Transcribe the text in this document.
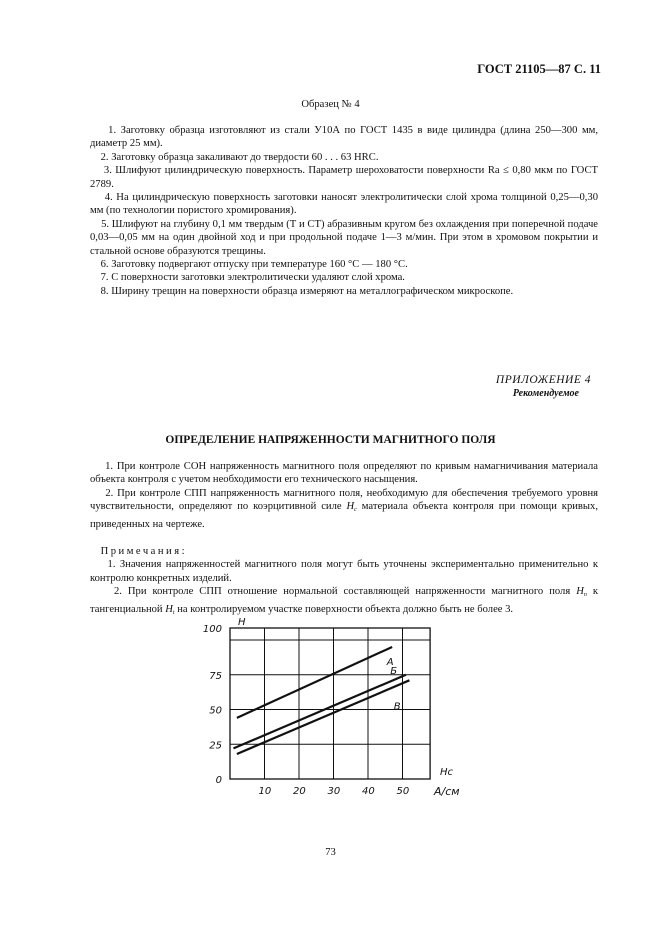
ГОСТ 21105—87 С. 11
Образец № 4

1. Заготовку образца изготовляют из стали У10А по ГОСТ 1435 в виде цилиндра (длина 250—300 мм, диаметр 25 мм).

2. Заготовку образца закаливают до твердости 60 . . . 63 HRC.

3. Шлифуют цилиндрическую поверхность. Параметр шероховатости поверхности Ra ≤ 0,80 мкм по ГОСТ 2789.

4. На цилиндрическую поверхность заготовки наносят электролитически слой хрома толщиной 0,25—0,30 мм (по технологии пористого хромирования).

5. Шлифуют на глубину 0,1 мм твердым (Т и СТ) абразивным кругом без охлаждения при поперечной подаче 0,03—0,05 мм на один двойной ход и при продольной подаче 1—3 м/мин. При этом в хромовом покрытии и стальной основе образуются трещины.

6. Заготовку подвергают отпуску при температуре 160 °С — 180 °С.

7. С поверхности заготовки электролитически удаляют слой хрома.

8. Ширину трещин на поверхности образца измеряют на металлографическом микроскопе.

ПРИЛОЖЕНИЕ 4
Рекомендуемое
ОПРЕДЕЛЕНИЕ НАПРЯЖЕННОСТИ МАГНИТНОГО ПОЛЯ

1. При контроле СОН напряженность магнитного поля определяют по кривым намагничивания материала объекта контроля с учетом необходимости его технического насыщения.

2. При контроле СПП напряженность магнитного поля, необходимую для обеспечения требуемого уровня чувствительности, определяют по коэрцитивной силе $H_c$ материала объекта контроля при помощи кривых, приведенных на чертеже.

Примечания:

1. Значения напряженностей магнитного поля могут быть уточнены экспериментально применительно к контролю конкретных изделий.

2. При контроле СПП отношение нормальной составляющей напряженности магнитного поля $H_n$ к тангенциальной $H_t$ на контролируемом участке поверхности объекта должно быть не более 3.

10 20 30 40 50
0
25
50
75
100
А
Б
В
H
Hc
А/см
73
